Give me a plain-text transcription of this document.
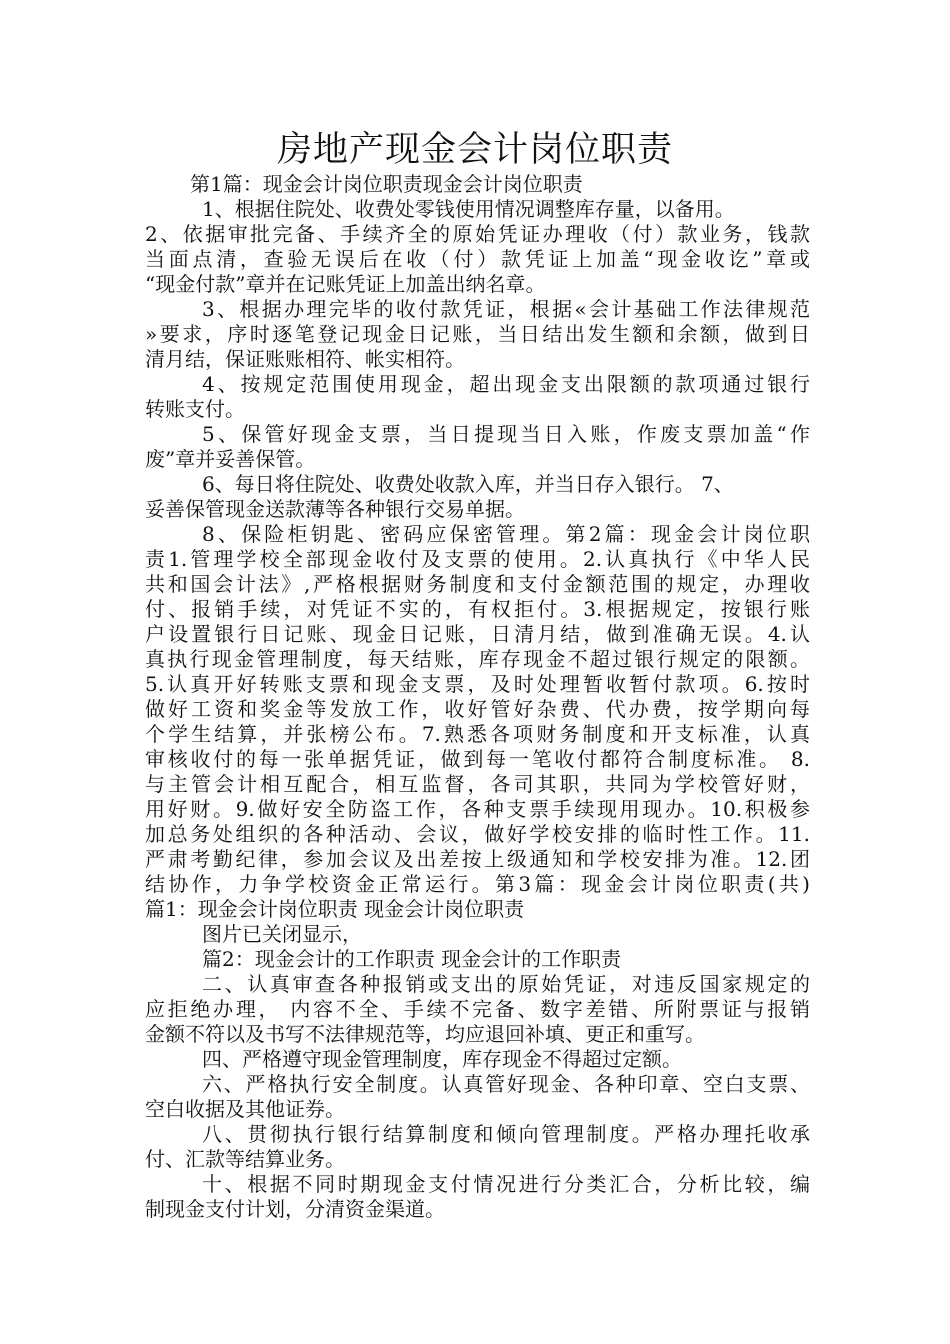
房地产现金会计岗位职责
第1篇：现金会计岗位职责现金会计岗位职责
1、根据住院处、收费处零钱使用情况调整库存量，以备用。
2、依据审批完备、手续齐全的原始凭证办理收（付）款业务，钱款
当面点清，查验无误后在收（付）款凭证上加盖“现金收讫”章或
“现金付款”章并在记账凭证上加盖出纳名章。
3、根据办理完毕的收付款凭证，根据«会计基础工作法律规范
»要求，序时逐笔登记现金日记账，当日结出发生额和余额，做到日
清月结，保证账账相符、帐实相符。
4、按规定范围使用现金，超出现金支出限额的款项通过银行
转账支付。
5、保管好现金支票，当日提现当日入账，作废支票加盖“作
废”章并妥善保管。
6、每日将住院处、收费处收款入库，并当日存入银行。 7、
妥善保管现金送款薄等各种银行交易单据。
8、保险柜钥匙、密码应保密管理。第2篇：现金会计岗位职
责1.管理学校全部现金收付及支票的使用。2.认真执行《中华人民
共和国会计法》,严格根据财务制度和支付金额范围的规定，办理收
付、报销手续，对凭证不实的，有权拒付。3.根据规定，按银行账
户设置银行日记账、现金日记账，日清月结，做到准确无误。4.认
真执行现金管理制度，每天结账，库存现金不超过银行规定的限额。
5.认真开好转账支票和现金支票，及时处理暂收暂付款项。6.按时
做好工资和奖金等发放工作，收好管好杂费、代办费，按学期向每
个学生结算，并张榜公布。7.熟悉各项财务制度和开支标准，认真
审核收付的每一张单据凭证，做到每一笔收付都符合制度标准。 8.
与主管会计相互配合，相互监督，各司其职，共同为学校管好财，
用好财。9.做好安全防盗工作，各种支票手续现用现办。10.积极参
加总务处组织的各种活动、会议，做好学校安排的临时性工作。11.
严肃考勤纪律，参加会议及出差按上级通知和学校安排为准。12.团
结协作，力争学校资金正常运行。第3篇：现金会计岗位职责(共)
篇1：现金会计岗位职责 现金会计岗位职责
图片已关闭显示，
篇2：现金会计的工作职责 现金会计的工作职责
二、认真审查各种报销或支出的原始凭证，对违反国家规定的
应拒绝办理， 内容不全、手续不完备、数字差错、所附票证与报销
金额不符以及书写不法律规范等，均应退回补填、更正和重写。
四、严格遵守现金管理制度，库存现金不得超过定额。
六、严格执行安全制度。认真管好现金、各种印章、空白支票、
空白收据及其他证券。
八、贯彻执行银行结算制度和倾向管理制度。严格办理托收承
付、汇款等结算业务。
十、根据不同时期现金支付情况进行分类汇合，分析比较，编
制现金支付计划，分清资金渠道。
